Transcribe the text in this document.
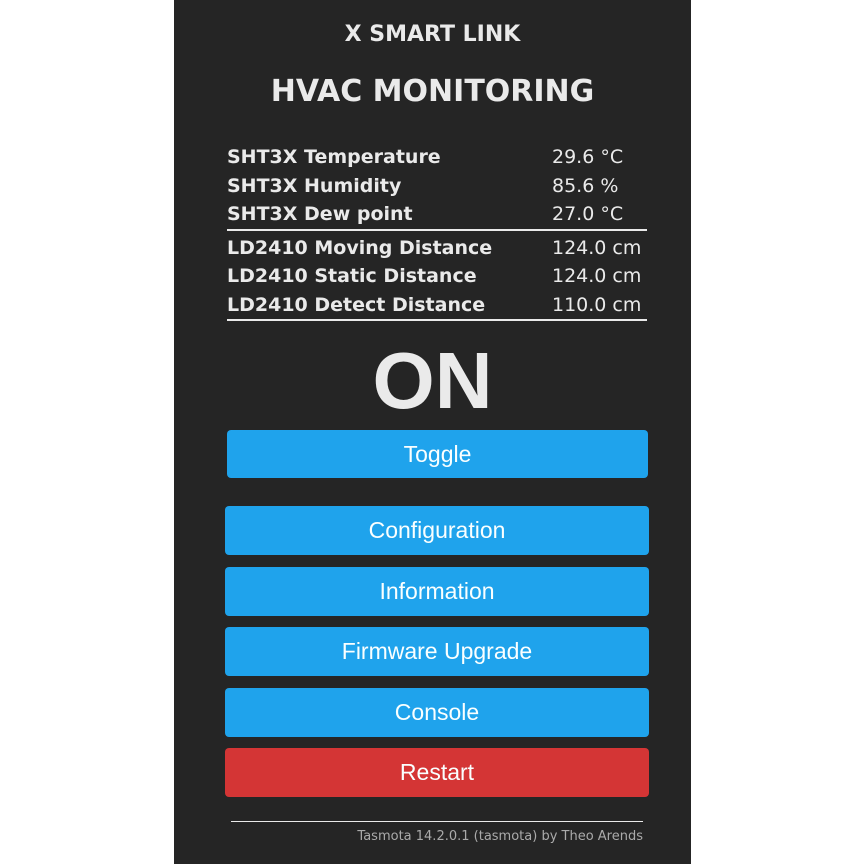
X SMART LINK
HVAC MONITORING
SHT3X Temperature	29.6 °C
SHT3X Humidity	85.6 %
SHT3X Dew point	27.0 °C

LD2410 Moving Distance	124.0 cm
LD2410 Static Distance	124.0 cm
LD2410 Detect Distance	110.0 cm

ON
Toggle
Configuration
Information
Firmware Upgrade
Console
Restart
Tasmota 14.2.0.1 (tasmota) by Theo Arends
